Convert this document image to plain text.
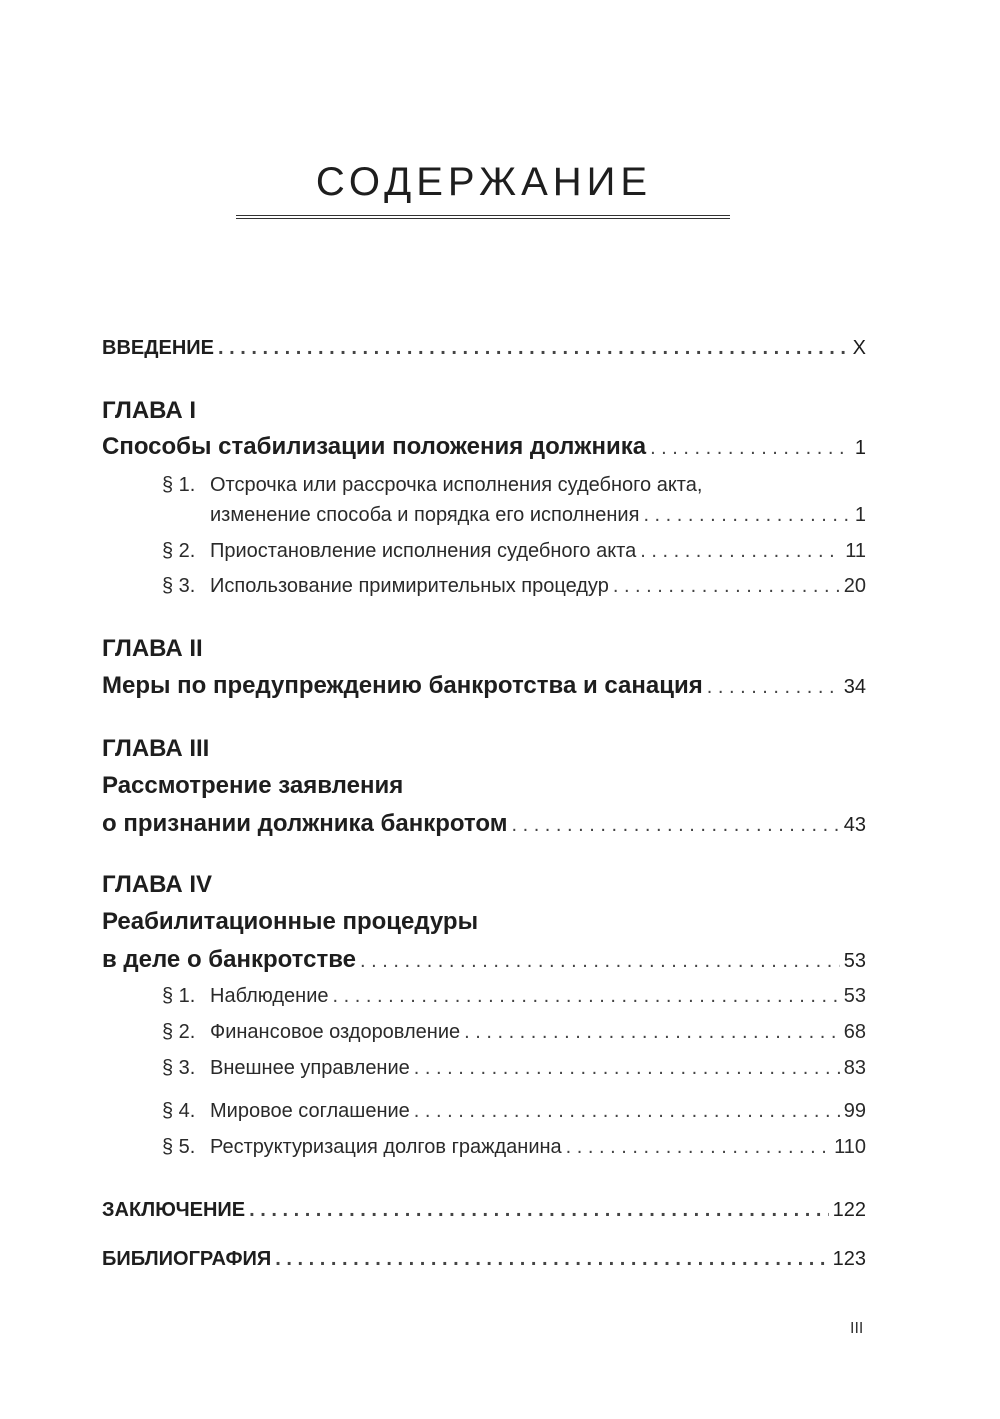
СОДЕРЖАНИЕ
ВВЕДЕНИЕ . . .	X
ГЛАВА I
Способы стабилизации положения должника . . .	1
§ 1. Отсрочка или рассрочка исполнения судебного акта,
изменение способа и порядка его исполнения . . .	1
§ 2. Приостановление исполнения судебного акта . . .	11
§ 3. Использование примирительных процедур . . .	20
ГЛАВА II
Меры по предупреждению банкротства и санация . . .	34
ГЛАВА III
Рассмотрение заявления
о признании должника банкротом . . .	43
ГЛАВА IV
Реабилитационные процедуры
в деле о банкротстве . . .	53
§ 1. Наблюдение . . .	53
§ 2. Финансовое оздоровление . . .	68
§ 3. Внешнее управление . . .	83
§ 4. Мировое соглашение . . .	99
§ 5. Реструктуризация долгов гражданина . . .	110
ЗАКЛЮЧЕНИЕ . . .	122
БИБЛИОГРАФИЯ . . .	123
III
